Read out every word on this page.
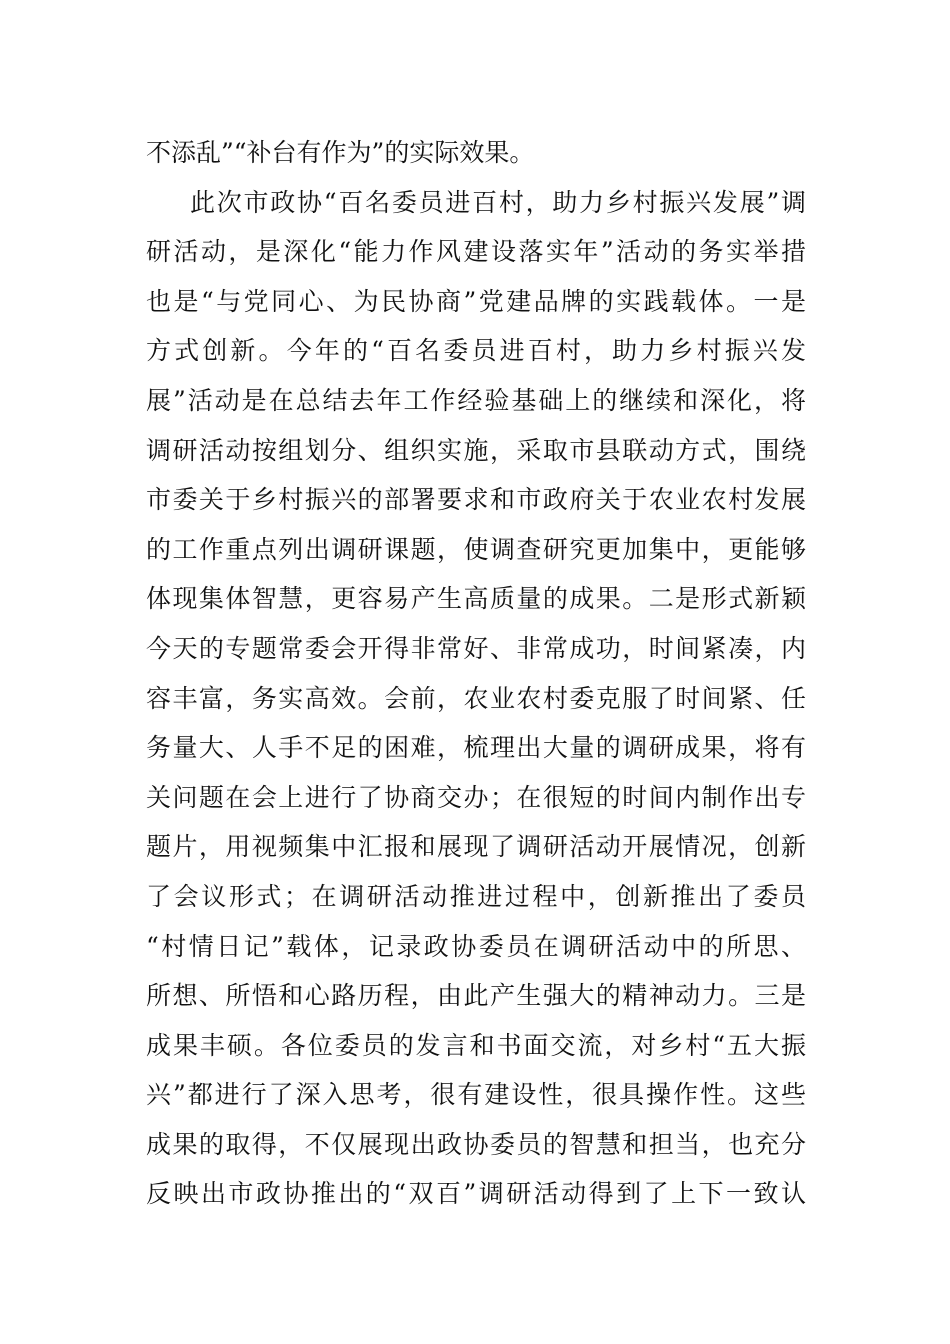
不添乱”“补台有作为”的实际效果。
此次市政协“百名委员进百村，助力乡村振兴发展”调
研活动，是深化“能力作风建设落实年”活动的务实举措
也是“与党同心、为民协商”党建品牌的实践载体。一是
方式创新。今年的“百名委员进百村，助力乡村振兴发
展”活动是在总结去年工作经验基础上的继续和深化，将
调研活动按组划分、组织实施，采取市县联动方式，围绕
市委关于乡村振兴的部署要求和市政府关于农业农村发展
的工作重点列出调研课题，使调查研究更加集中，更能够
体现集体智慧，更容易产生高质量的成果。二是形式新颖
今天的专题常委会开得非常好、非常成功，时间紧凑，内
容丰富，务实高效。会前，农业农村委克服了时间紧、任
务量大、人手不足的困难，梳理出大量的调研成果，将有
关问题在会上进行了协商交办；在很短的时间内制作出专
题片，用视频集中汇报和展现了调研活动开展情况，创新
了会议形式；在调研活动推进过程中，创新推出了委员
“村情日记”载体，记录政协委员在调研活动中的所思、
所想、所悟和心路历程，由此产生强大的精神动力。三是
成果丰硕。各位委员的发言和书面交流，对乡村“五大振
兴”都进行了深入思考，很有建设性，很具操作性。这些
成果的取得，不仅展现出政协委员的智慧和担当，也充分
反映出市政协推出的“双百”调研活动得到了上下一致认
